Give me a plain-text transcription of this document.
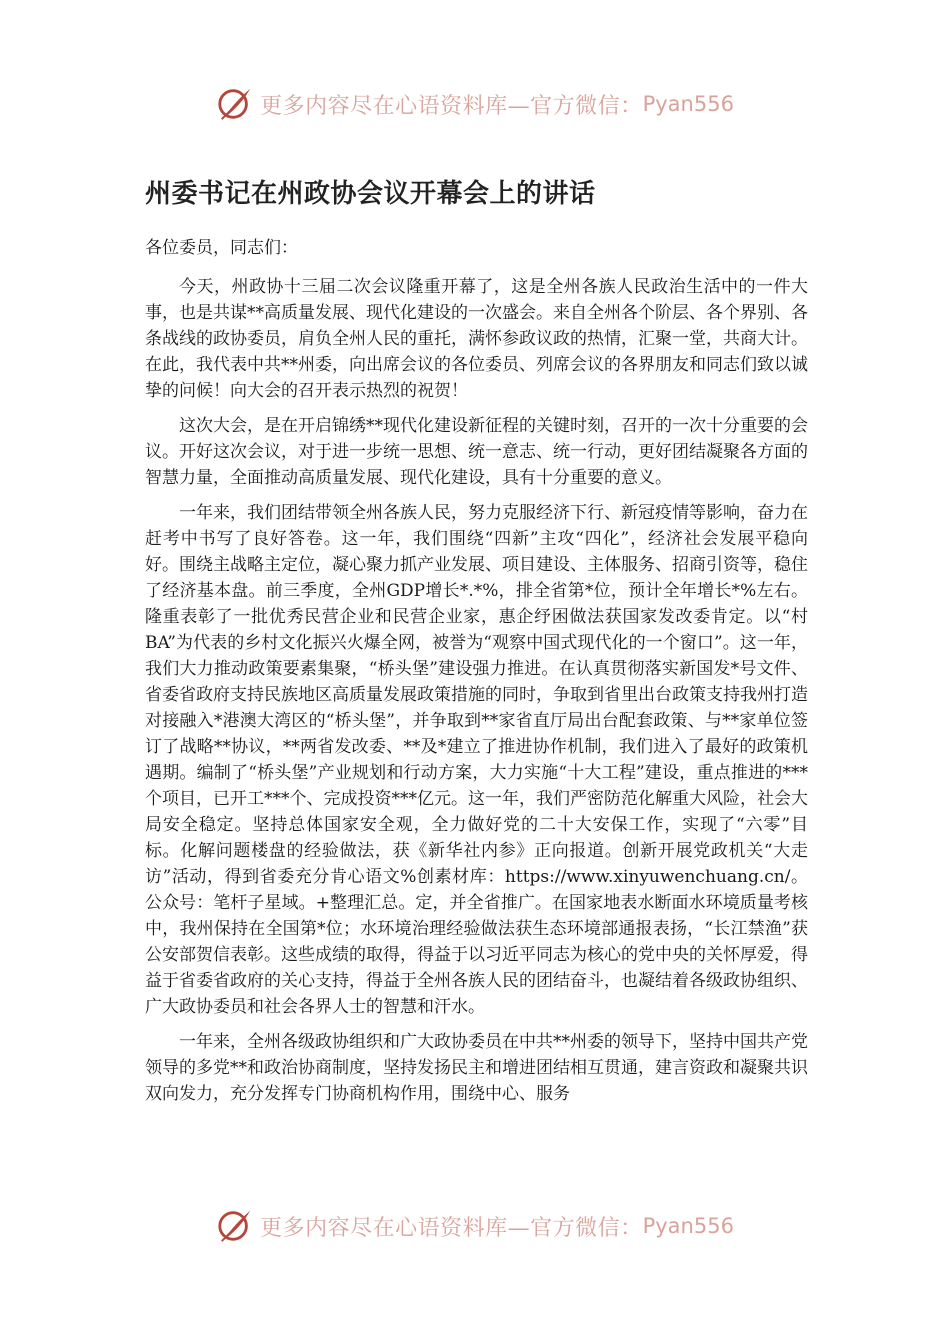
更多内容尽在心语资料库—官方微信： Pyan556
州委书记在州政协会议开幕会上的讲话
各位委员，同志们：

今天，州政协十三届二次会议隆重开幕了，这是全州各族人民政治生活中的一件大事，也是共谋**高质量发展、现代化建设的一次盛会。来自全州各个阶层、各个界别、各条战线的政协委员，肩负全州人民的重托，满怀参政议政的热情，汇聚一堂，共商大计。在此，我代表中共**州委，向出席会议的各位委员、列席会议的各界朋友和同志们致以诚挚的问候！向大会的召开表示热烈的祝贺！

这次大会，是在开启锦绣**现代化建设新征程的关键时刻，召开的一次十分重要的会议。开好这次会议，对于进一步统一思想、统一意志、统一行动，更好团结凝聚各方面的智慧力量，全面推动高质量发展、现代化建设，具有十分重要的意义。

一年来，我们团结带领全州各族人民，努力克服经济下行、新冠疫情等影响，奋力在赶考中书写了良好答卷。这一年，我们围绕“四新”主攻“四化”，经济社会发展平稳向好。围绕主战略主定位，凝心聚力抓产业发展、项目建设、主体服务、招商引资等，稳住了经济基本盘。前三季度，全州GDP增长*.*%，排全省第*位，预计全年增长*%左右。隆重表彰了一批优秀民营企业和民营企业家，惠企纾困做法获国家发改委肯定。以“村BA”为代表的乡村文化振兴火爆全网，被誉为“观察中国式现代化的一个窗口”。这一年，我们大力推动政策要素集聚，“桥头堡”建设强力推进。在认真贯彻落实新国发*号文件、省委省政府支持民族地区高质量发展政策措施的同时，争取到省里出台政策支持我州打造对接融入*港澳大湾区的“桥头堡”，并争取到**家省直厅局出台配套政策、与**家单位签订了战略**协议，**两省发改委、**及*建立了推进协作机制，我们进入了最好的政策机遇期。编制了“桥头堡”产业规划和行动方案，大力实施“十大工程”建设，重点推进的***个项目，已开工***个、完成投资***亿元。这一年，我们严密防范化解重大风险，社会大局安全稳定。坚持总体国家安全观，全力做好党的二十大安保工作，实现了“六零”目标。化解问题楼盘的经验做法，获《新华社内参》正向报道。创新开展党政机关“大走访”活动，得到省委充分肯心语文%创素材库：https://www.xinyuwenchuang.cn/。公众号：笔杆子星域。+整理汇总。定，并全省推广。在国家地表水断面水环境质量考核中，我州保持在全国第*位；水环境治理经验做法获生态环境部通报表扬，“长江禁渔”获公安部贺信表彰。这些成绩的取得，得益于以习近平同志为核心的党中央的关怀厚爱，得益于省委省政府的关心支持，得益于全州各族人民的团结奋斗，也凝结着各级政协组织、广大政协委员和社会各界人士的智慧和汗水。

一年来，全州各级政协组织和广大政协委员在中共**州委的领导下，坚持中国共产党领导的多党**和政治协商制度，坚持发扬民主和增进团结相互贯通，建言资政和凝聚共识双向发力，充分发挥专门协商机构作用，围绕中心、服务

更多内容尽在心语资料库—官方微信： Pyan556
